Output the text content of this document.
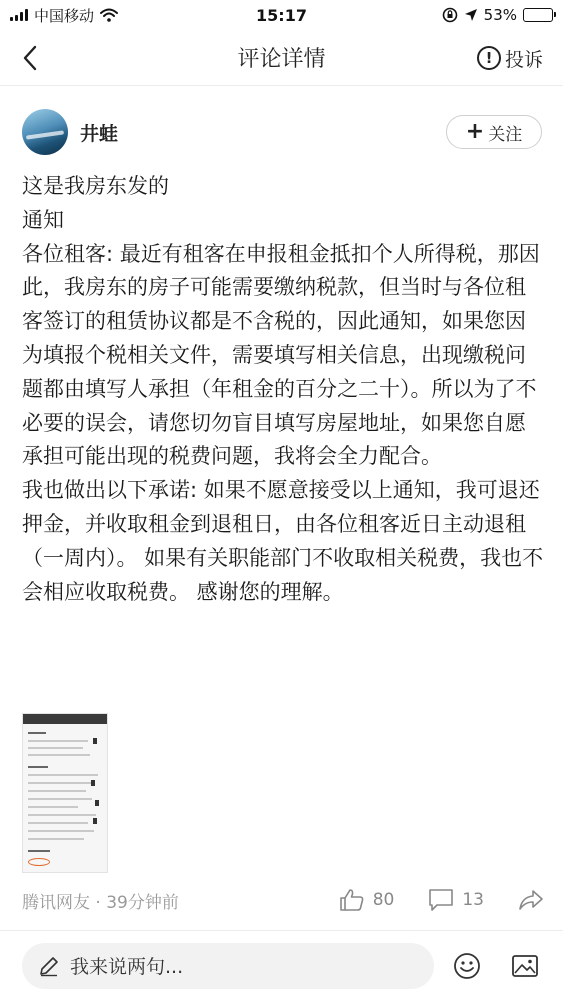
中国移动	15:17	53%
评论详情	! 投诉
井蛙	+ 关注

这是我房东发的

通知

各位租客: 最近有租客在申报租金抵扣个人所得税，那因此，我房东的房子可能需要缴纳税款，但当时与各位租客签订的租赁协议都是不含税的，因此通知，如果您因为填报个税相关文件，需要填写相关信息，出现缴税问题都由填写人承担（年租金的百分之二十）。所以为了不必要的误会，请您切勿盲目填写房屋地址，如果您自愿承担可能出现的税费问题，我将会全力配合。

我也做出以下承诺: 如果不愿意接受以上通知，我可退还押金，并收取租金到退租日，由各位租客近日主动退租（一周内）。 如果有关职能部门不收取相关税费，我也不会相应收取税费。 感谢您的理解。

腾讯网友 · 39分钟前	80	13
我来说两句...
